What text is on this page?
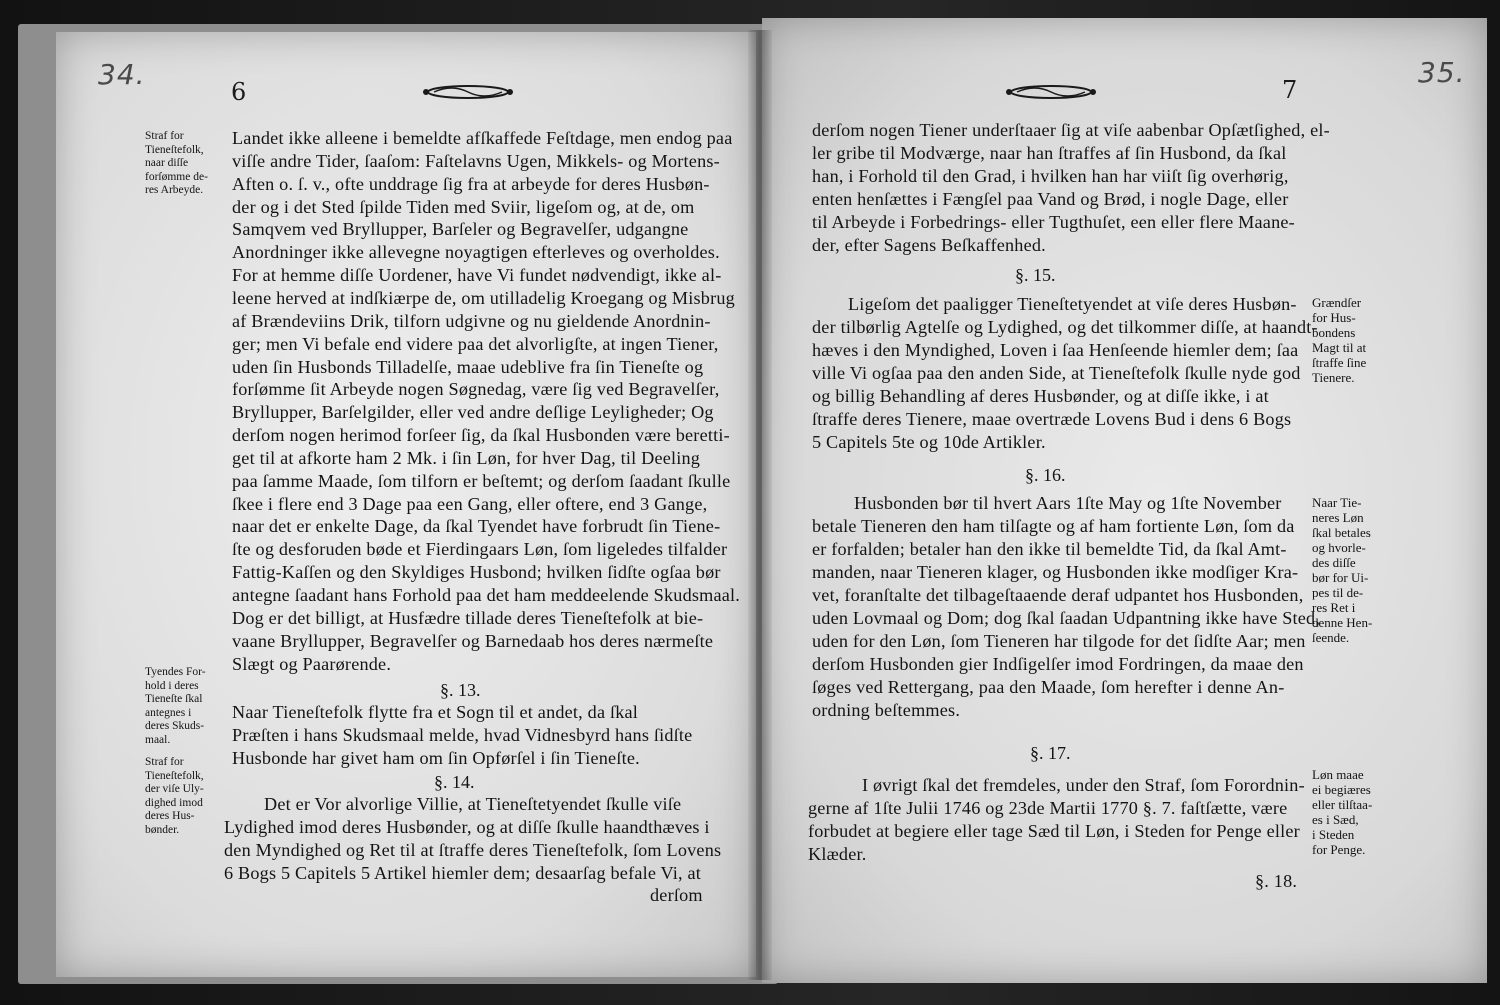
34.
6
35.
7
Landet ikke alleene i bemeldte afſkaffede Feſtdage, men endog paa
viſſe andre Tider, ſaaſom: Faſtelavns Ugen, Mikkels- og Mortens-
Aften o. ſ. v., ofte unddrage ſig fra at arbeyde for deres Husbøn-
der og i det Sted ſpilde Tiden med Sviir, ligeſom og, at de, om
Samqvem ved Bryllupper, Barſeler og Begravelſer, udgangne
Anordninger ikke allevegne noyagtigen efterleves og overholdes.
For at hemme diſſe Uordener, have Vi fundet nødvendigt, ikke al-
leene herved at indſkiærpe de, om utilladelig Kroegang og Misbrug
af Brændeviins Drik, tilforn udgivne og nu gieldende Anordnin-
ger; men Vi befale end videre paa det alvorligſte, at ingen Tiener,
uden ſin Husbonds Tilladelſe, maae udeblive fra ſin Tieneſte og
forſømme ſit Arbeyde nogen Søgnedag, være ſig ved Begravelſer,
Bryllupper, Barſelgilder, eller ved andre deſlige Leyligheder; Og
derſom nogen herimod forſeer ſig, da ſkal Husbonden være beretti-
get til at afkorte ham 2 Mk. i ſin Løn, for hver Dag, til Deeling
paa ſamme Maade, ſom tilforn er beſtemt; og derſom ſaadant ſkulle
ſkee i flere end 3 Dage paa een Gang, eller oftere, end 3 Gange,
naar det er enkelte Dage, da ſkal Tyendet have forbrudt ſin Tiene-
ſte og desforuden bøde et Fierdingaars Løn, ſom ligeledes tilfalder
Fattig-Kaſſen og den Skyldiges Husbond; hvilken ſidſte ogſaa bør
antegne ſaadant hans Forhold paa det ham meddeelende Skudsmaal.
Dog er det billigt, at Husfædre tillade deres Tieneſtefolk at bie-
vaane Bryllupper, Begravelſer og Barnedaab hos deres nærmeſte
Slægt og Paarørende.
§. 13.
Naar Tieneſtefolk flytte fra et Sogn til et andet, da ſkal
Præſten i hans Skudsmaal melde, hvad Vidnesbyrd hans ſidſte
Husbonde har givet ham om ſin Opførſel i ſin Tieneſte.
§. 14.
Det er Vor alvorlige Villie, at Tieneſtetyendet ſkulle viſe
Lydighed imod deres Husbønder, og at diſſe ſkulle haandthæves i
den Myndighed og Ret til at ſtraffe deres Tieneſtefolk, ſom Lovens
6 Bogs 5 Capitels 5 Artikel hiemler dem; desaarſag befale Vi, at
derſom
Straf for
Tieneſtefolk,
naar diſſe
forſømme de-
res Arbeyde.
Tyendes For-
hold i deres
Tieneſte ſkal
antegnes i
deres Skuds-
maal.
Straf for
Tieneſtefolk,
der viſe Uly-
dighed imod
deres Hus-
bønder.
derſom nogen Tiener underſtaaer ſig at viſe aabenbar Opſætſighed, el-
ler gribe til Modværge, naar han ſtraffes af ſin Husbond, da ſkal
han, i Forhold til den Grad, i hvilken han har viiſt ſig overhørig,
enten henſættes i Fængſel paa Vand og Brød, i nogle Dage, eller
til Arbeyde i Forbedrings- eller Tugthuſet, een eller flere Maane-
der, efter Sagens Beſkaffenhed.
§. 15.
Ligeſom det paaligger Tieneſtetyendet at viſe deres Husbøn-
der tilbørlig Agtelſe og Lydighed, og det tilkommer diſſe, at haandt-
hæves i den Myndighed, Loven i ſaa Henſeende hiemler dem; ſaa
ville Vi ogſaa paa den anden Side, at Tieneſtefolk ſkulle nyde god
og billig Behandling af deres Husbønder, og at diſſe ikke, i at
ſtraffe deres Tienere, maae overtræde Lovens Bud i dens 6 Bogs
5 Capitels 5te og 10de Artikler.
§. 16.
Husbonden bør til hvert Aars 1ſte May og 1ſte November
betale Tieneren den ham tilſagte og af ham fortiente Løn, ſom da
er forfalden; betaler han den ikke til bemeldte Tid, da ſkal Amt-
manden, naar Tieneren klager, og Husbonden ikke modſiger Kra-
vet, foranſtalte det tilbageſtaaende deraf udpantet hos Husbonden,
uden Lovmaal og Dom; dog ſkal ſaadan Udpantning ikke have Sted,
uden for den Løn, ſom Tieneren har tilgode for det ſidſte Aar; men
derſom Husbonden gier Indſigelſer imod Fordringen, da maae den
ſøges ved Rettergang, paa den Maade, ſom herefter i denne An-
ordning beſtemmes.
§. 17.
I øvrigt ſkal det fremdeles, under den Straf, ſom Forordnin-
gerne af 1ſte Julii 1746 og 23de Martii 1770 §. 7. faſtſætte, være
forbudet at begiere eller tage Sæd til Løn, i Steden for Penge eller
Klæder.
§. 18.
Grændſer
for Hus-
bondens
Magt til at
ſtraffe ſine
Tienere.
Naar Tie-
neres Løn
ſkal betales
og hvorle-
des diſſe
bør for Ui-
pes til de-
res Ret i
denne Hen-
ſeende.
Løn maae
ei begiæres
eller tilſtaa-
es i Sæd,
i Steden
for Penge.
